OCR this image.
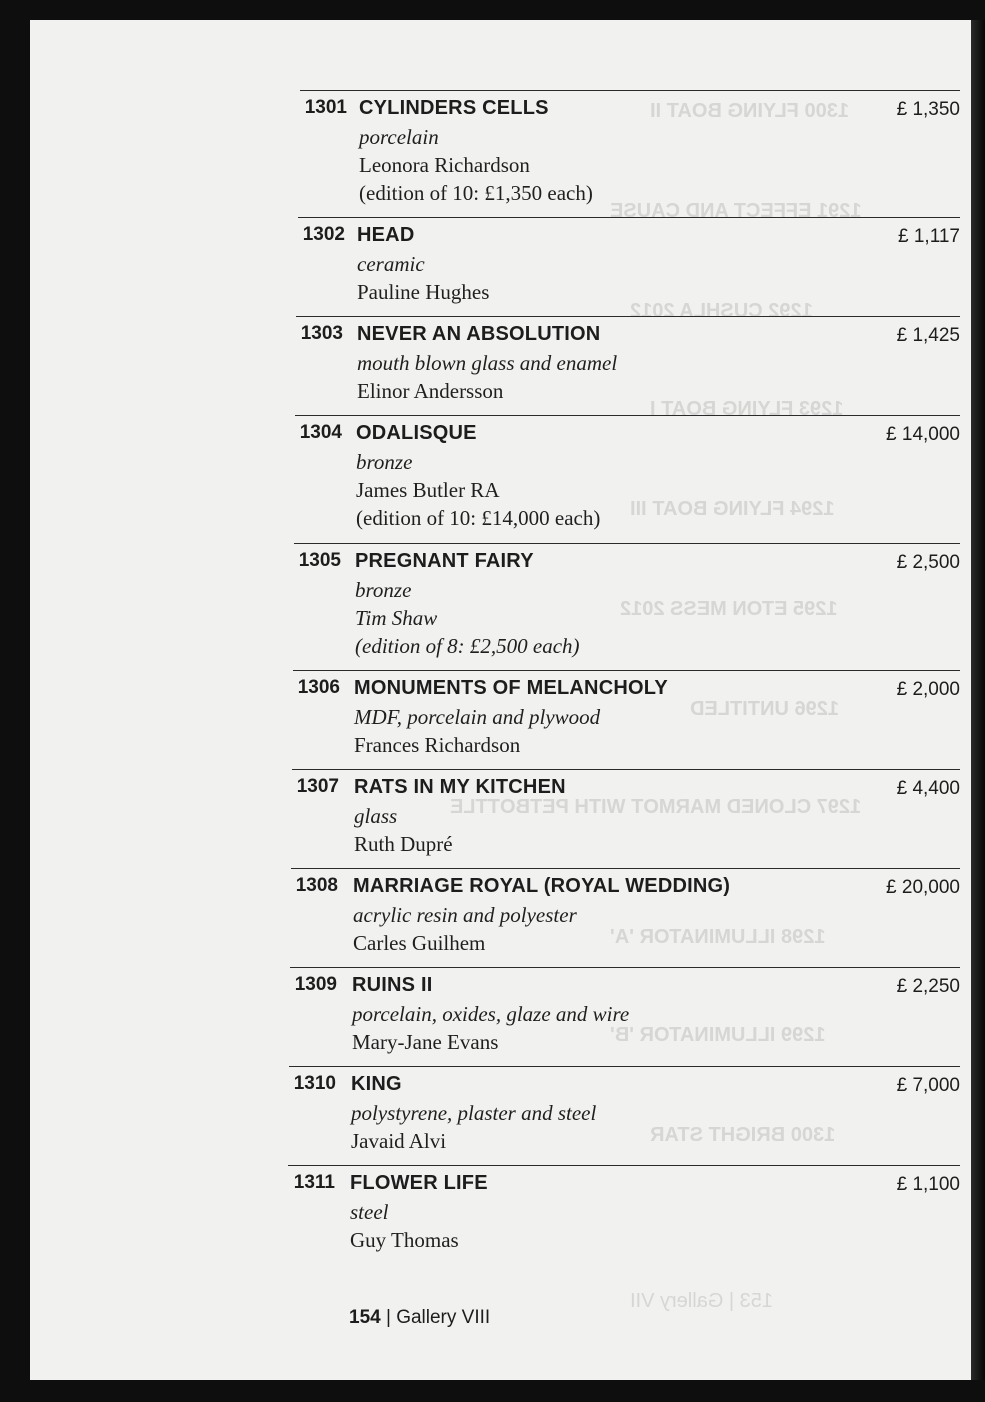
1300 FLYING BOAT II
1291 EFFECT AND CAUSE
1292 CUSHLA 2012
1293 FLYING BOAT I
1294 FLYING BOAT III
1295 ETON MESS 2012
1296 UNTITLED
1297 CLONED MARMOT WITH PETBOTTLE
1298 ILLUMINATOR 'A'
1299 ILLUMINATOR 'B'
1300 BRIGHT STAR
153 | Gallery VII
1301 CYLINDERS CELLS	£ 1,350
porcelain
Leonora Richardson
(edition of 10: £1,350 each)
1302 HEAD	£ 1,117
ceramic
Pauline Hughes
1303 NEVER AN ABSOLUTION	£ 1,425
mouth blown glass and enamel
Elinor Andersson
1304 ODALISQUE	£ 14,000
bronze
James Butler RA
(edition of 10: £14,000 each)
1305 PREGNANT FAIRY	£ 2,500
bronze
Tim Shaw
(edition of 8: £2,500 each)
1306 MONUMENTS OF MELANCHOLY	£ 2,000
MDF, porcelain and plywood
Frances Richardson
1307 RATS IN MY KITCHEN	£ 4,400
glass
Ruth Dupré
1308 MARRIAGE ROYAL (ROYAL WEDDING)	£ 20,000
acrylic resin and polyester
Carles Guilhem
1309 RUINS II	£ 2,250
porcelain, oxides, glaze and wire
Mary-Jane Evans
1310 KING	£ 7,000
polystyrene, plaster and steel
Javaid Alvi
1311 FLOWER LIFE	£ 1,100
steel
Guy Thomas
154 | Gallery VIII
